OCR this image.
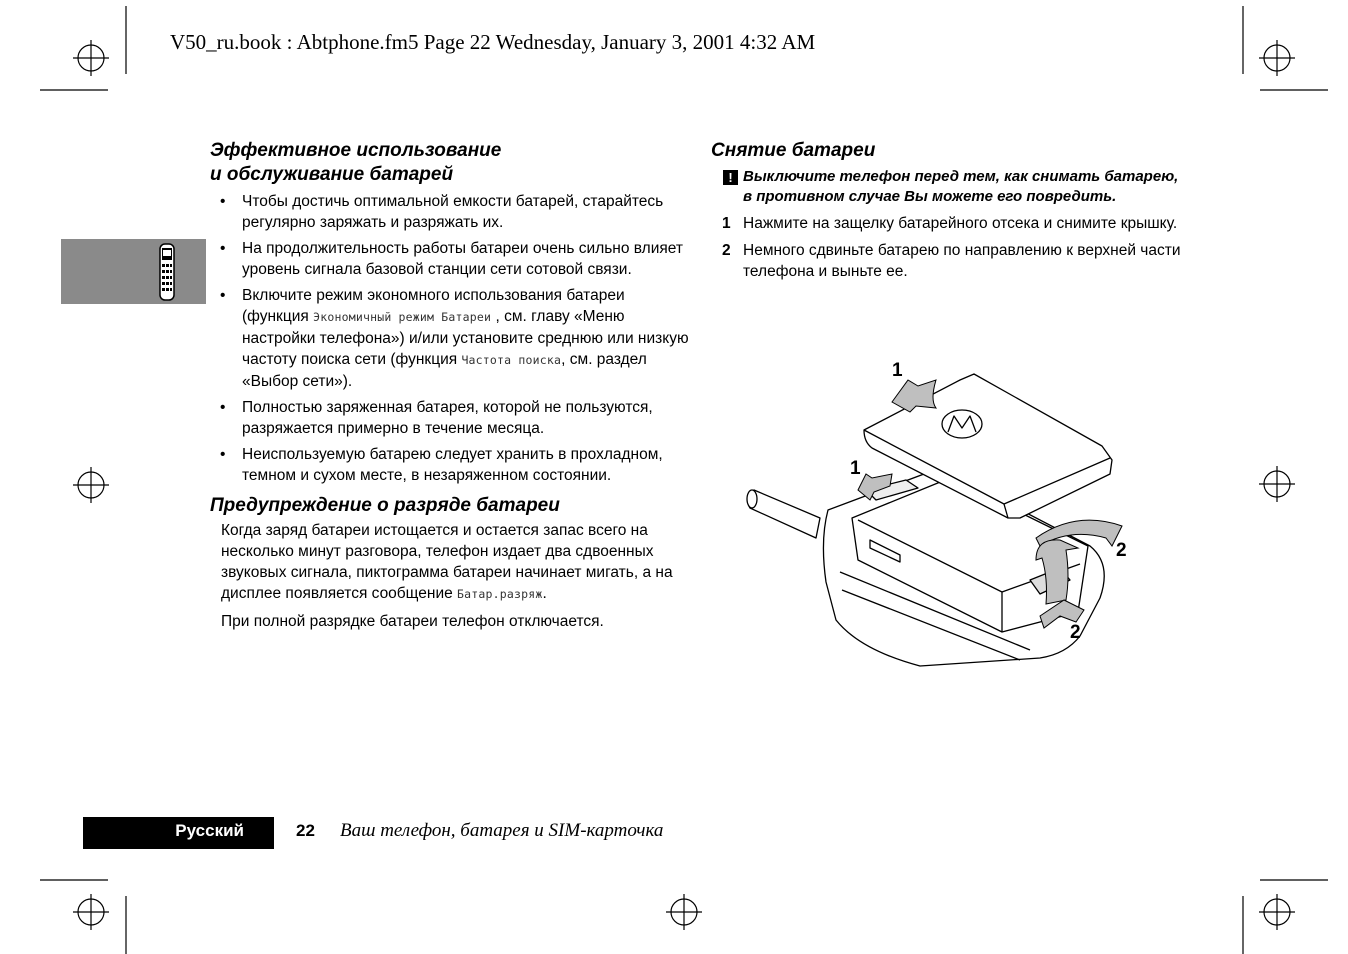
V50_ru.book : Abtphone.fm5 Page 22 Wednesday, January 3, 2001 4:32 AM
Эффективное использование
и обслуживание батарей
• Чтобы достичь оптимальной емкости батарей, старайтесь регулярно заряжать и разряжать их.
• На продолжительность работы батареи очень сильно влияет уровень сигнала базовой станции сети сотовой связи.
• Включите режим экономного использования батареи (функция Экономичный режим Батареи , см. главу «Меню настройки телефона») и/или установите среднюю или низкую частоту поиска сети (функция Частота поиска, см. раздел «Выбор сети»).
• Полностью заряженная батарея, которой не пользуются, разряжается примерно в течение месяца.
• Неиспользуемую батарею следует хранить в прохладном, темном и сухом месте, в незаряженном состоянии.
Предупреждение о разряде батареи
Когда заряд батареи истощается и остается запас всего на несколько минут разговора, телефон издает два сдвоенных звуковых сигнала, пиктограмма батареи начинает мигать, а на дисплее появляется сообщение Батар.разряж.
При полной разрядке батареи телефон отключается.
Снятие батареи
! Выключите телефон перед тем, как снимать батарею, в противном случае Вы можете его повредить.
1 Нажмите на защелку батарейного отсека и снимите крышку.
2 Немного сдвиньте батарею по направлению к верхней части телефона и выньте ее.
1
1
2
2
Русский	22 Ваш телефон, батарея и SIM-карточка
